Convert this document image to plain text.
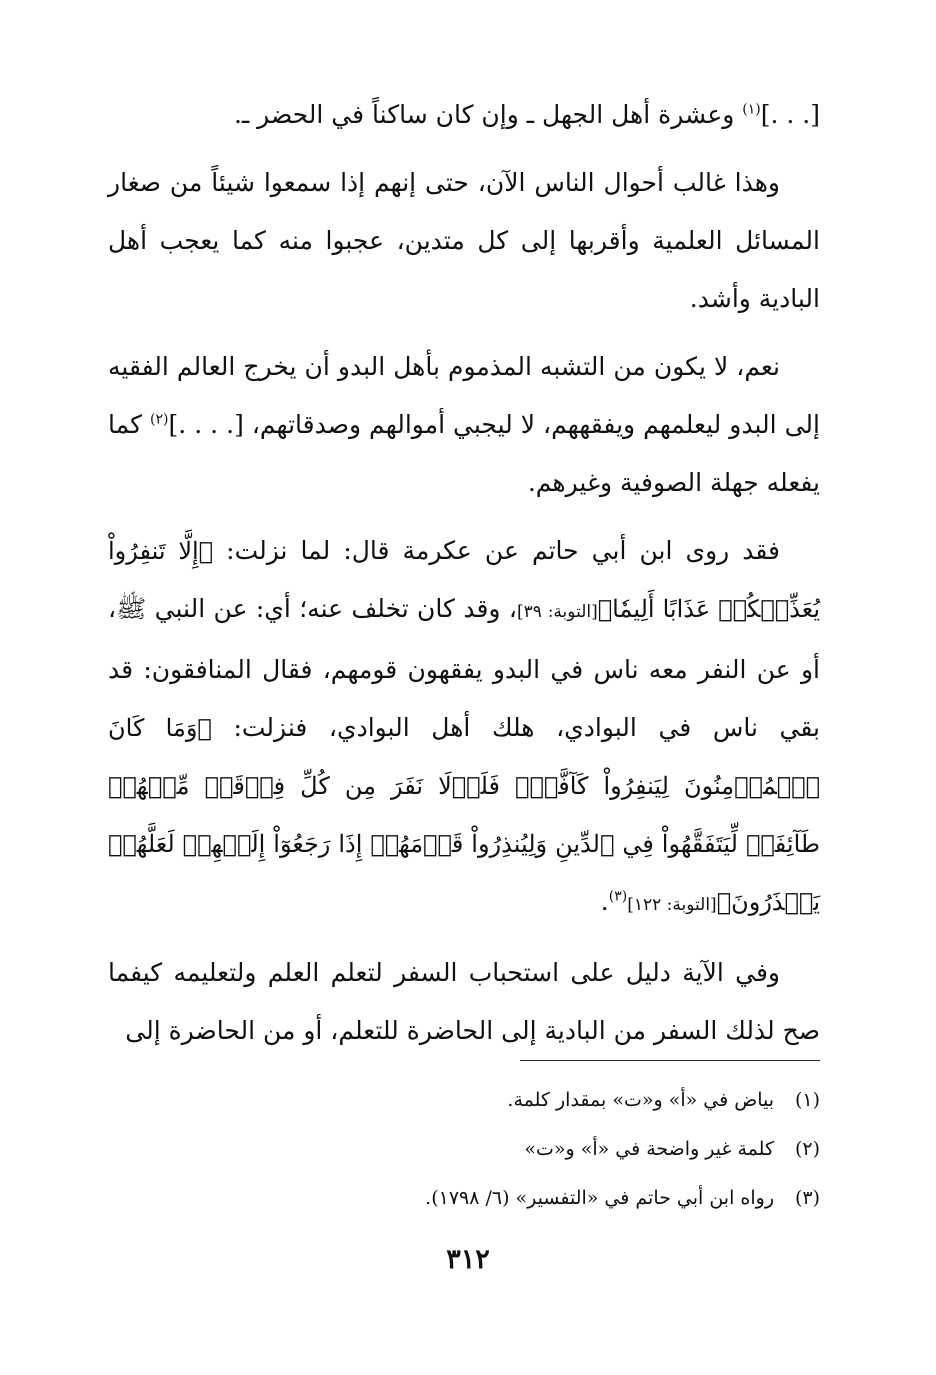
[. . .]$^{(١)}$ وعشرة أهل الجهل ـ وإن كان ساكناً في الحضر ـ.

وهذا غالب أحوال الناس الآن، حتى إنهم إذا سمعوا شيئاً من صغار المسائل العلمية وأقربها إلى كل متدين، عجبوا منه كما يعجب أهل البادية وأشد.

نعم، لا يكون من التشبه المذموم بأهل البدو أن يخرج العالم الفقيه إلى البدو ليعلمهم ويفقههم، لا ليجبي أموالهم وصدقاتهم، [. . . .]$^{(٢)}$ كما يفعله جهلة الصوفية وغيرهم.

فقد روى ابن أبي حاتم عن عكرمة قال: لما نزلت: ﴿إِلَّا تَنفِرُواْ يُعَذِّبۡكُمۡ عَذَابًا أَلِيمٗا﴾[التوبة: ٣٩]، وقد كان تخلف عنه؛ أي: عن النبي ﷺ، أو عن النفر معه ناس في البدو يفقهون قومهم، فقال المنافقون: قد بقي ناس في البوادي، هلك أهل البوادي، فنزلت: ﴿وَمَا كَانَ ٱلۡمُؤۡمِنُونَ لِيَنفِرُواْ كَآفَّةٗۚ فَلَوۡلَا نَفَرَ مِن كُلِّ فِرۡقَةٖ مِّنۡهُمۡ طَآئِفَةٞ لِّيَتَفَقَّهُواْ فِي ٱلدِّينِ وَلِيُنذِرُواْ قَوۡمَهُمۡ إِذَا رَجَعُوٓاْ إِلَيۡهِمۡ لَعَلَّهُمۡ يَحۡذَرُونَ﴾[التوبة: ١٢٢]$^{(٣)}$.

وفي الآية دليل على استحباب السفر لتعلم العلم ولتعليمه كيفما صح لذلك السفر من البادية إلى الحاضرة للتعلم، أو من الحاضرة إلى

(١)بياض في «أ» و«ت» بمقدار كلمة.

(٢)كلمة غير واضحة في «أ» و«ت»

(٣)رواه ابن أبي حاتم في «التفسير» (٦/ ١٧٩٨).

٣١٢
